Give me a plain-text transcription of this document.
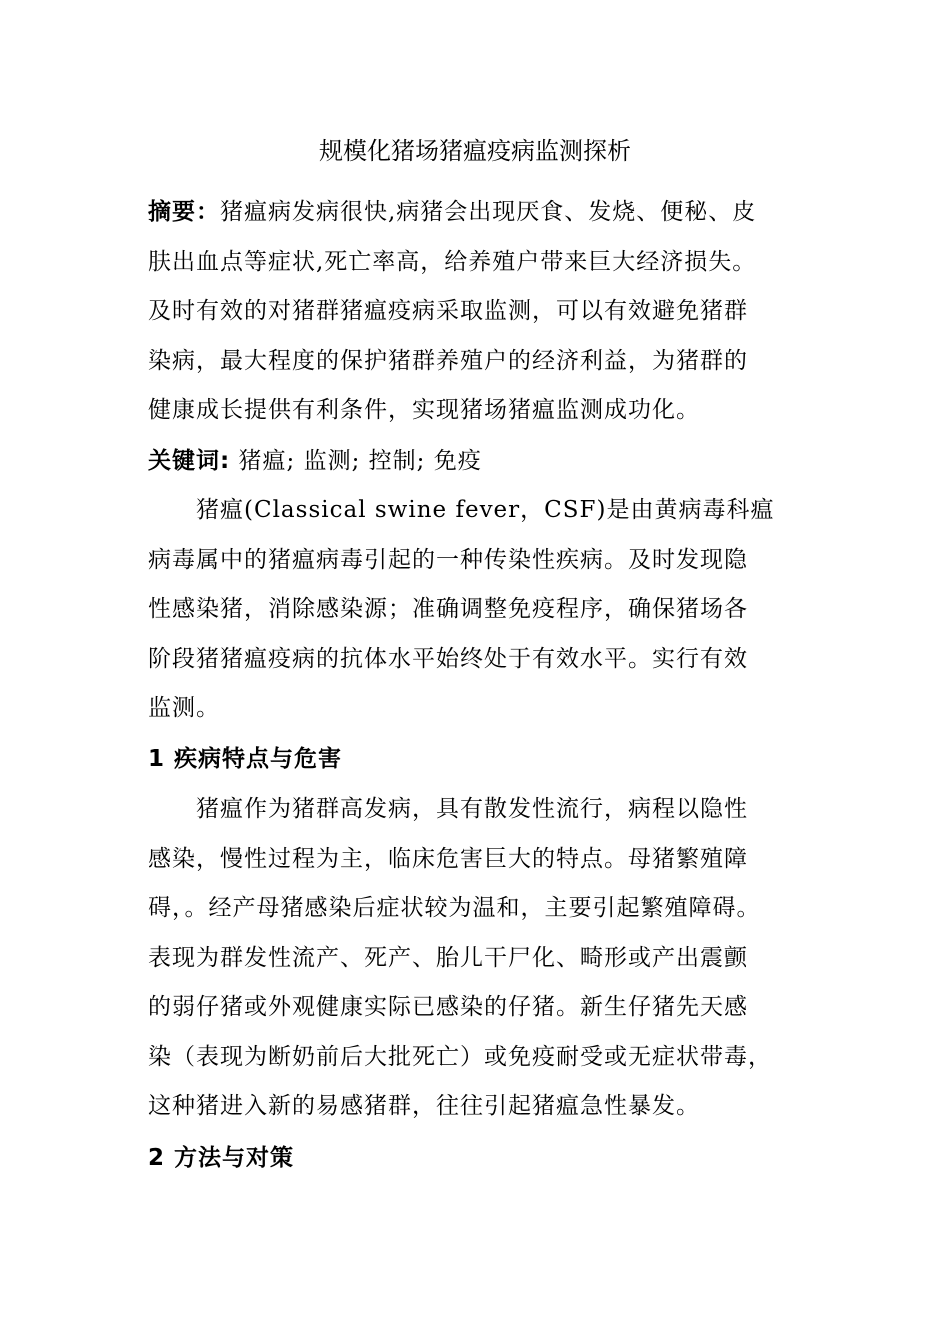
规模化猪场猪瘟疫病监测探析
摘要：猪瘟病发病很快,病猪会出现厌食、发烧、便秘、皮
肤出血点等症状,死亡率高，给养殖户带来巨大经济损失。
及时有效的对猪群猪瘟疫病采取监测，可以有效避免猪群
染病，最大程度的保护猪群养殖户的经济利益，为猪群的
健康成长提供有利条件，实现猪场猪瘟监测成功化。
关键词: 猪瘟; 监测; 控制; 免疫
猪瘟(Classical swine fever，CSF)是由黄病毒科瘟
病毒属中的猪瘟病毒引起的一种传染性疾病。及时发现隐
性感染猪，消除感染源；准确调整免疫程序，确保猪场各
阶段猪猪瘟疫病的抗体水平始终处于有效水平。实行有效
监测。
1 疾病特点与危害
猪瘟作为猪群高发病，具有散发性流行，病程以隐性
感染，慢性过程为主，临床危害巨大的特点。母猪繁殖障
碍，。经产母猪感染后症状较为温和，主要引起繁殖障碍。
表现为群发性流产、死产、胎儿干尸化、畸形或产出震颤
的弱仔猪或外观健康实际已感染的仔猪。新生仔猪先天感
染（表现为断奶前后大批死亡）或免疫耐受或无症状带毒，
这种猪进入新的易感猪群，往往引起猪瘟急性暴发。
2 方法与对策
